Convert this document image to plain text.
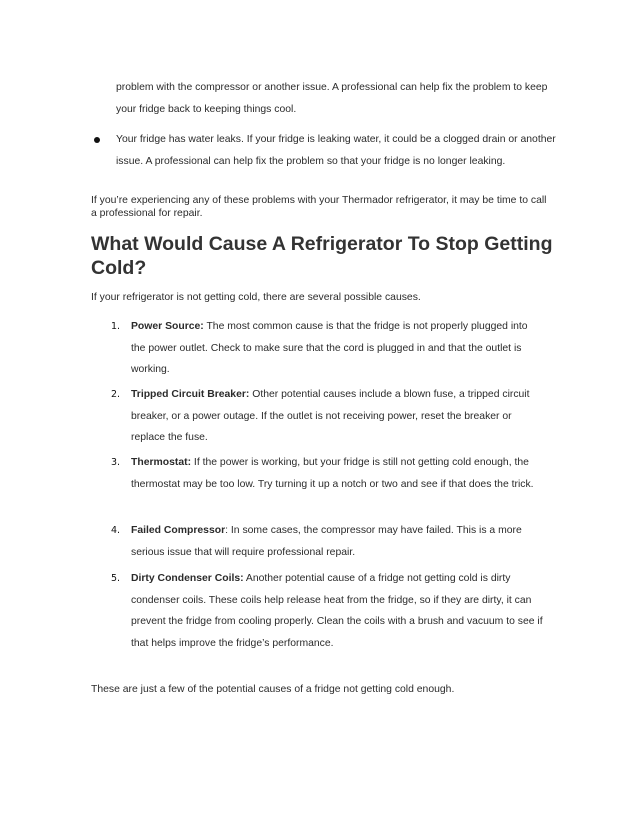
problem with the compressor or another issue. A professional can help fix the problem to keep your fridge back to keeping things cool.

Your fridge has water leaks. If your fridge is leaking water, it could be a clogged drain or another issue. A professional can help fix the problem so that your fridge is no longer leaking.

If you’re experiencing any of these problems with your Thermador refrigerator, it may be time to call a professional for repair.

What Would Cause A Refrigerator To Stop Getting Cold?

If your refrigerator is not getting cold, there are several possible causes.

1.	Power Source: The most common cause is that the fridge is not properly plugged into the power outlet. Check to make sure that the cord is plugged in and that the outlet is working.
2.	Tripped Circuit Breaker: Other potential causes include a blown fuse, a tripped circuit breaker, or a power outage. If the outlet is not receiving power, reset the breaker or replace the fuse.
3.	Thermostat: If the power is working, but your fridge is still not getting cold enough, the thermostat may be too low. Try turning it up a notch or two and see if that does the trick.
4.	Failed Compressor: In some cases, the compressor may have failed. This is a more serious issue that will require professional repair.
5.	Dirty Condenser Coils: Another potential cause of a fridge not getting cold is dirty condenser coils. These coils help release heat from the fridge, so if they are dirty, it can prevent the fridge from cooling properly. Clean the coils with a brush and vacuum to see if that helps improve the fridge’s performance.

These are just a few of the potential causes of a fridge not getting cold enough.
